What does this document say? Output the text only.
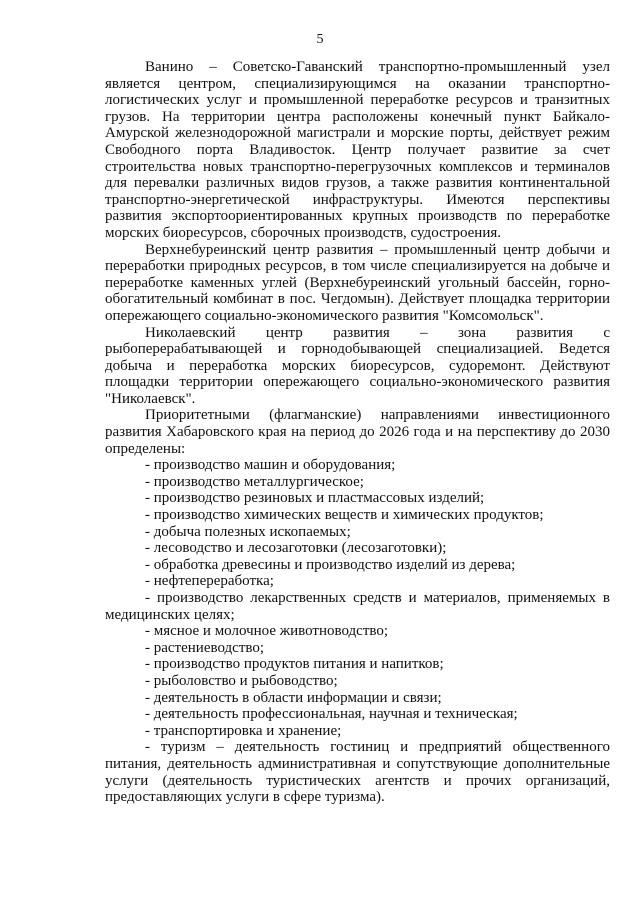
5

Ванино – Советско-Гаванский транспортно-промышленный узел является центром, специализирующимся на оказании транспортно-логистических услуг и промышленной переработке ресурсов и транзитных грузов. На территории центра расположены конечный пункт Байкало-Амурской железнодорожной магистрали и морские порты, действует режим Свободного порта Владивосток. Центр получает развитие за счет строительства новых транспортно-перегрузочных комплексов и терминалов для перевалки различных видов грузов, а также развития континентальной транспортно-энергетической инфраструктуры. Имеются перспективы развития экспортоориентированных крупных производств по переработке морских биоресурсов, сборочных производств, судостроения.

Верхнебуреинский центр развития – промышленный центр добычи и переработки природных ресурсов, в том числе специализируется на добыче и переработке каменных углей (Верхнебуреинский угольный бассейн, горно-обогатительный комбинат в пос. Чегдомын). Действует площадка территории опережающего социально-экономического развития "Комсомольск".

Николаевский центр развития – зона развития с рыбоперерабатывающей и горнодобывающей специализацией. Ведется добыча и переработка морских биоресурсов, судоремонт. Действуют площадки территории опережающего социально-экономического развития "Николаевск".

Приоритетными (флагманские) направлениями инвестиционного развития Хабаровского края на период до 2026 года и на перспективу до 2030 определены:

- производство машин и оборудования;

- производство металлургическое;

- производство резиновых и пластмассовых изделий;

- производство химических веществ и химических продуктов;

- добыча полезных ископаемых;

- лесоводство и лесозаготовки (лесозаготовки);

- обработка древесины и производство изделий из дерева;

- нефтепереработка;

- производство лекарственных средств и материалов, применяемых в медицинских целях;

- мясное и молочное животноводство;

- растениеводство;

- производство продуктов питания и напитков;

- рыболовство и рыбоводство;

- деятельность в области информации и связи;

- деятельность профессиональная, научная и техническая;

- транспортировка и хранение;

- туризм – деятельность гостиниц и предприятий общественного питания, деятельность административная и сопутствующие дополнительные услуги (деятельность туристических агентств и прочих организаций, предоставляющих услуги в сфере туризма).
